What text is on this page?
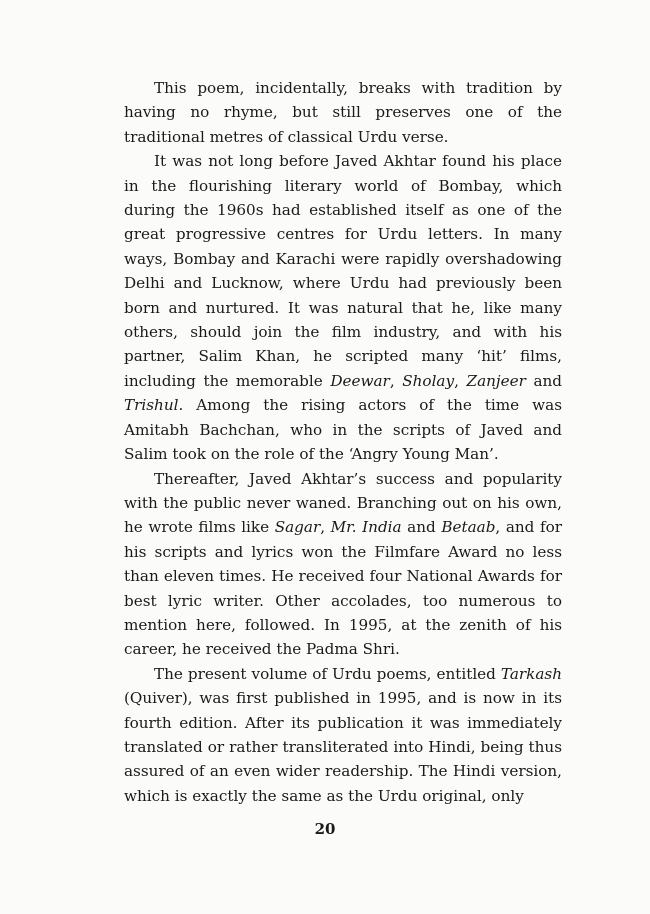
This poem, incidentally, breaks with tradition by having no rhyme, but still preserves one of the traditional metres of classical Urdu verse.

It was not long before Javed Akhtar found his place in the flourishing literary world of Bombay, which during the 1960s had established itself as one of the great progressive centres for Urdu letters. In many ways, Bombay and Karachi were rapidly overshadowing Delhi and Lucknow, where Urdu had previously been born and nurtured. It was natural that he, like many others, should join the film industry, and with his partner, Salim Khan, he scripted many ‘hit’ films, including the memorable Deewar, Sholay, Zanjeer and Trishul. Among the rising actors of the time was Amitabh Bachchan, who in the scripts of Javed and Salim took on the role of the ‘Angry Young Man’.

Thereafter, Javed Akhtar’s success and popularity with the public never waned. Branching out on his own, he wrote films like Sagar, Mr. India and Betaab, and for his scripts and lyrics won the Filmfare Award no less than eleven times. He received four National Awards for best lyric writer. Other accolades, too numerous to mention here, followed. In 1995, at the zenith of his career, he received the Padma Shri.

The present volume of Urdu poems, entitled Tarkash (Quiver), was first published in 1995, and is now in its fourth edition. After its publication it was immediately translated or rather transliterated into Hindi, being thus assured of an even wider readership. The Hindi version, which is exactly the same as the Urdu original, only

20
